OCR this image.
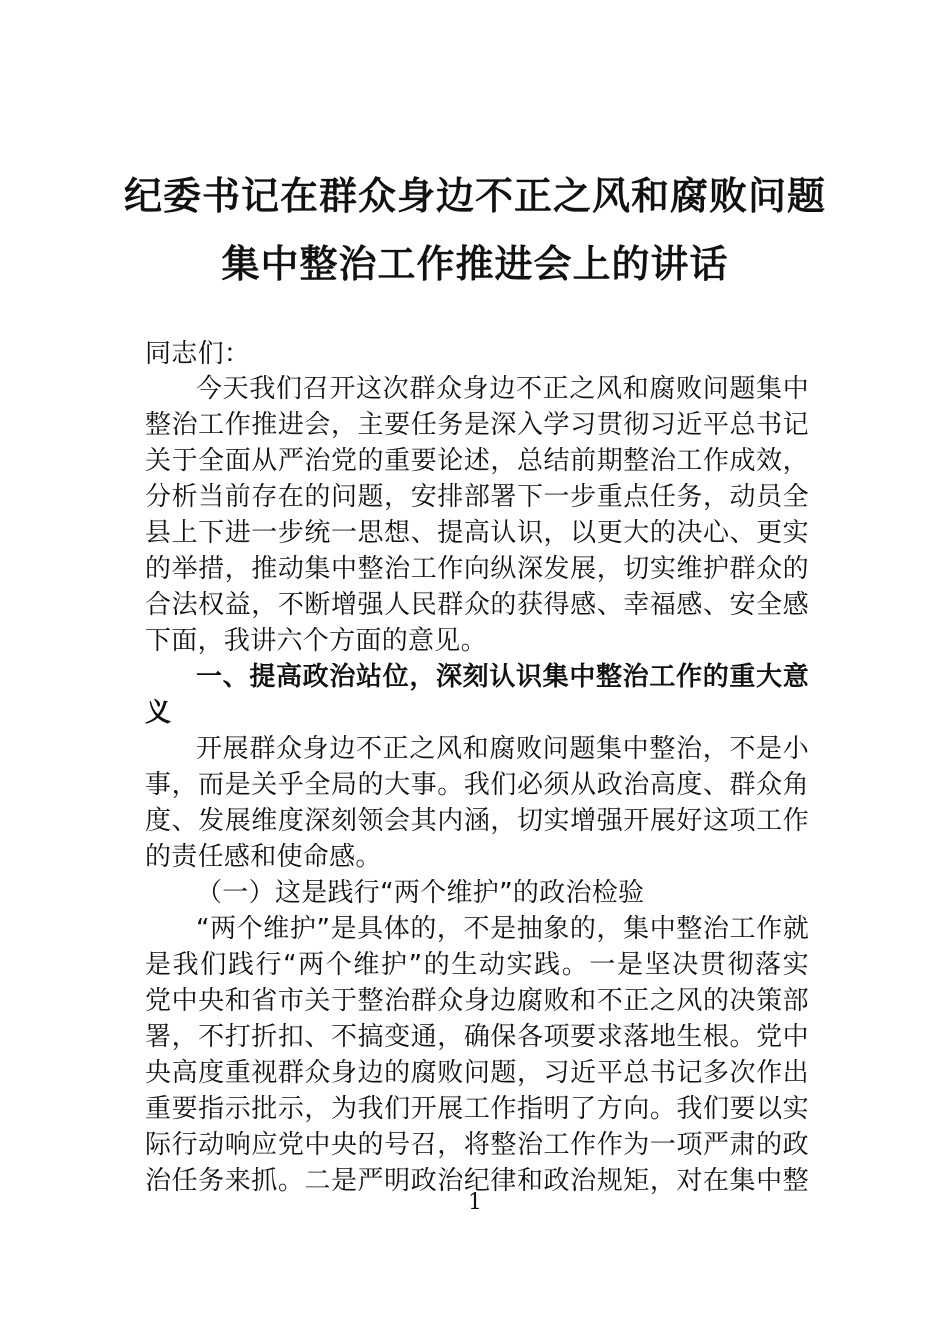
纪委书记在群众身边不正之风和腐败问题
集中整治工作推进会上的讲话
同志们：
今天我们召开这次群众身边不正之风和腐败问题集中
整治工作推进会，主要任务是深入学习贯彻习近平总书记
关于全面从严治党的重要论述，总结前期整治工作成效，
分析当前存在的问题，安排部署下一步重点任务，动员全
县上下进一步统一思想、提高认识，以更大的决心、更实
的举措，推动集中整治工作向纵深发展，切实维护群众的
合法权益，不断增强人民群众的获得感、幸福感、安全感
下面，我讲六个方面的意见。
一、提高政治站位，深刻认识集中整治工作的重大意
义
开展群众身边不正之风和腐败问题集中整治，不是小
事，而是关乎全局的大事。我们必须从政治高度、群众角
度、发展维度深刻领会其内涵，切实增强开展好这项工作
的责任感和使命感。
（一）这是践行“两个维护”的政治检验
“两个维护”是具体的，不是抽象的，集中整治工作就
是我们践行“两个维护”的生动实践。一是坚决贯彻落实
党中央和省市关于整治群众身边腐败和不正之风的决策部
署，不打折扣、不搞变通，确保各项要求落地生根。党中
央高度重视群众身边的腐败问题，习近平总书记多次作出
重要指示批示，为我们开展工作指明了方向。我们要以实
际行动响应党中央的号召，将整治工作作为一项严肃的政
治任务来抓。二是严明政治纪律和政治规矩，对在集中整
1
